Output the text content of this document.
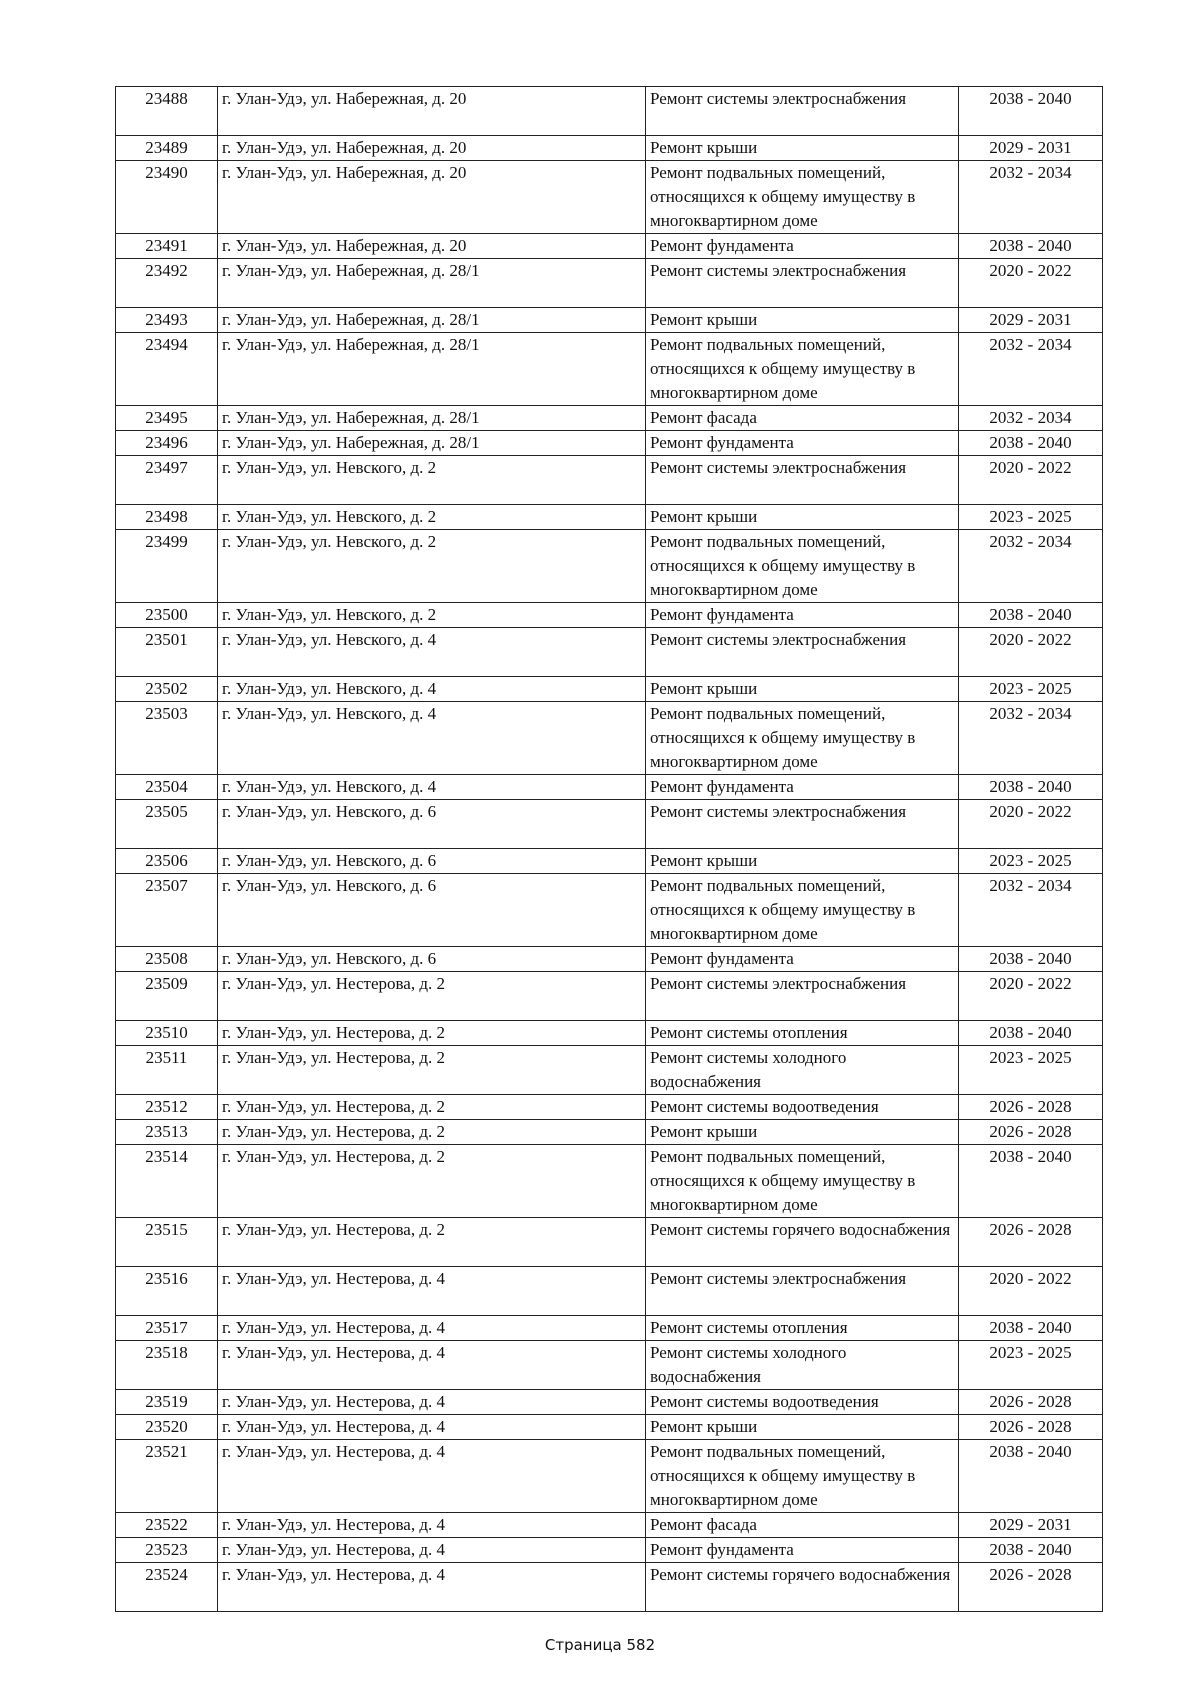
23488	г. Улан-Удэ, ул. Набережная, д. 20	Ремонт системы электроснабжения	2038 - 2040
23489	г. Улан-Удэ, ул. Набережная, д. 20	Ремонт крыши	2029 - 2031
23490	г. Улан-Удэ, ул. Набережная, д. 20	Ремонт подвальных помещений, относящихся к общему имуществу в многоквартирном доме	2032 - 2034
23491	г. Улан-Удэ, ул. Набережная, д. 20	Ремонт фундамента	2038 - 2040
23492	г. Улан-Удэ, ул. Набережная, д. 28/1	Ремонт системы электроснабжения	2020 - 2022
23493	г. Улан-Удэ, ул. Набережная, д. 28/1	Ремонт крыши	2029 - 2031
23494	г. Улан-Удэ, ул. Набережная, д. 28/1	Ремонт подвальных помещений, относящихся к общему имуществу в многоквартирном доме	2032 - 2034
23495	г. Улан-Удэ, ул. Набережная, д. 28/1	Ремонт фасада	2032 - 2034
23496	г. Улан-Удэ, ул. Набережная, д. 28/1	Ремонт фундамента	2038 - 2040
23497	г. Улан-Удэ, ул. Невского, д. 2	Ремонт системы электроснабжения	2020 - 2022
23498	г. Улан-Удэ, ул. Невского, д. 2	Ремонт крыши	2023 - 2025
23499	г. Улан-Удэ, ул. Невского, д. 2	Ремонт подвальных помещений, относящихся к общему имуществу в многоквартирном доме	2032 - 2034
23500	г. Улан-Удэ, ул. Невского, д. 2	Ремонт фундамента	2038 - 2040
23501	г. Улан-Удэ, ул. Невского, д. 4	Ремонт системы электроснабжения	2020 - 2022
23502	г. Улан-Удэ, ул. Невского, д. 4	Ремонт крыши	2023 - 2025
23503	г. Улан-Удэ, ул. Невского, д. 4	Ремонт подвальных помещений, относящихся к общему имуществу в многоквартирном доме	2032 - 2034
23504	г. Улан-Удэ, ул. Невского, д. 4	Ремонт фундамента	2038 - 2040
23505	г. Улан-Удэ, ул. Невского, д. 6	Ремонт системы электроснабжения	2020 - 2022
23506	г. Улан-Удэ, ул. Невского, д. 6	Ремонт крыши	2023 - 2025
23507	г. Улан-Удэ, ул. Невского, д. 6	Ремонт подвальных помещений, относящихся к общему имуществу в многоквартирном доме	2032 - 2034
23508	г. Улан-Удэ, ул. Невского, д. 6	Ремонт фундамента	2038 - 2040
23509	г. Улан-Удэ, ул. Нестерова, д. 2	Ремонт системы электроснабжения	2020 - 2022
23510	г. Улан-Удэ, ул. Нестерова, д. 2	Ремонт системы отопления	2038 - 2040
23511	г. Улан-Удэ, ул. Нестерова, д. 2	Ремонт системы холодного водоснабжения	2023 - 2025
23512	г. Улан-Удэ, ул. Нестерова, д. 2	Ремонт системы водоотведения	2026 - 2028
23513	г. Улан-Удэ, ул. Нестерова, д. 2	Ремонт крыши	2026 - 2028
23514	г. Улан-Удэ, ул. Нестерова, д. 2	Ремонт подвальных помещений, относящихся к общему имуществу в многоквартирном доме	2038 - 2040
23515	г. Улан-Удэ, ул. Нестерова, д. 2	Ремонт системы горячего водоснабжения	2026 - 2028
23516	г. Улан-Удэ, ул. Нестерова, д. 4	Ремонт системы электроснабжения	2020 - 2022
23517	г. Улан-Удэ, ул. Нестерова, д. 4	Ремонт системы отопления	2038 - 2040
23518	г. Улан-Удэ, ул. Нестерова, д. 4	Ремонт системы холодного водоснабжения	2023 - 2025
23519	г. Улан-Удэ, ул. Нестерова, д. 4	Ремонт системы водоотведения	2026 - 2028
23520	г. Улан-Удэ, ул. Нестерова, д. 4	Ремонт крыши	2026 - 2028
23521	г. Улан-Удэ, ул. Нестерова, д. 4	Ремонт подвальных помещений, относящихся к общему имуществу в многоквартирном доме	2038 - 2040
23522	г. Улан-Удэ, ул. Нестерова, д. 4	Ремонт фасада	2029 - 2031
23523	г. Улан-Удэ, ул. Нестерова, д. 4	Ремонт фундамента	2038 - 2040
23524	г. Улан-Удэ, ул. Нестерова, д. 4	Ремонт системы горячего водоснабжения	2026 - 2028
Страница 582
